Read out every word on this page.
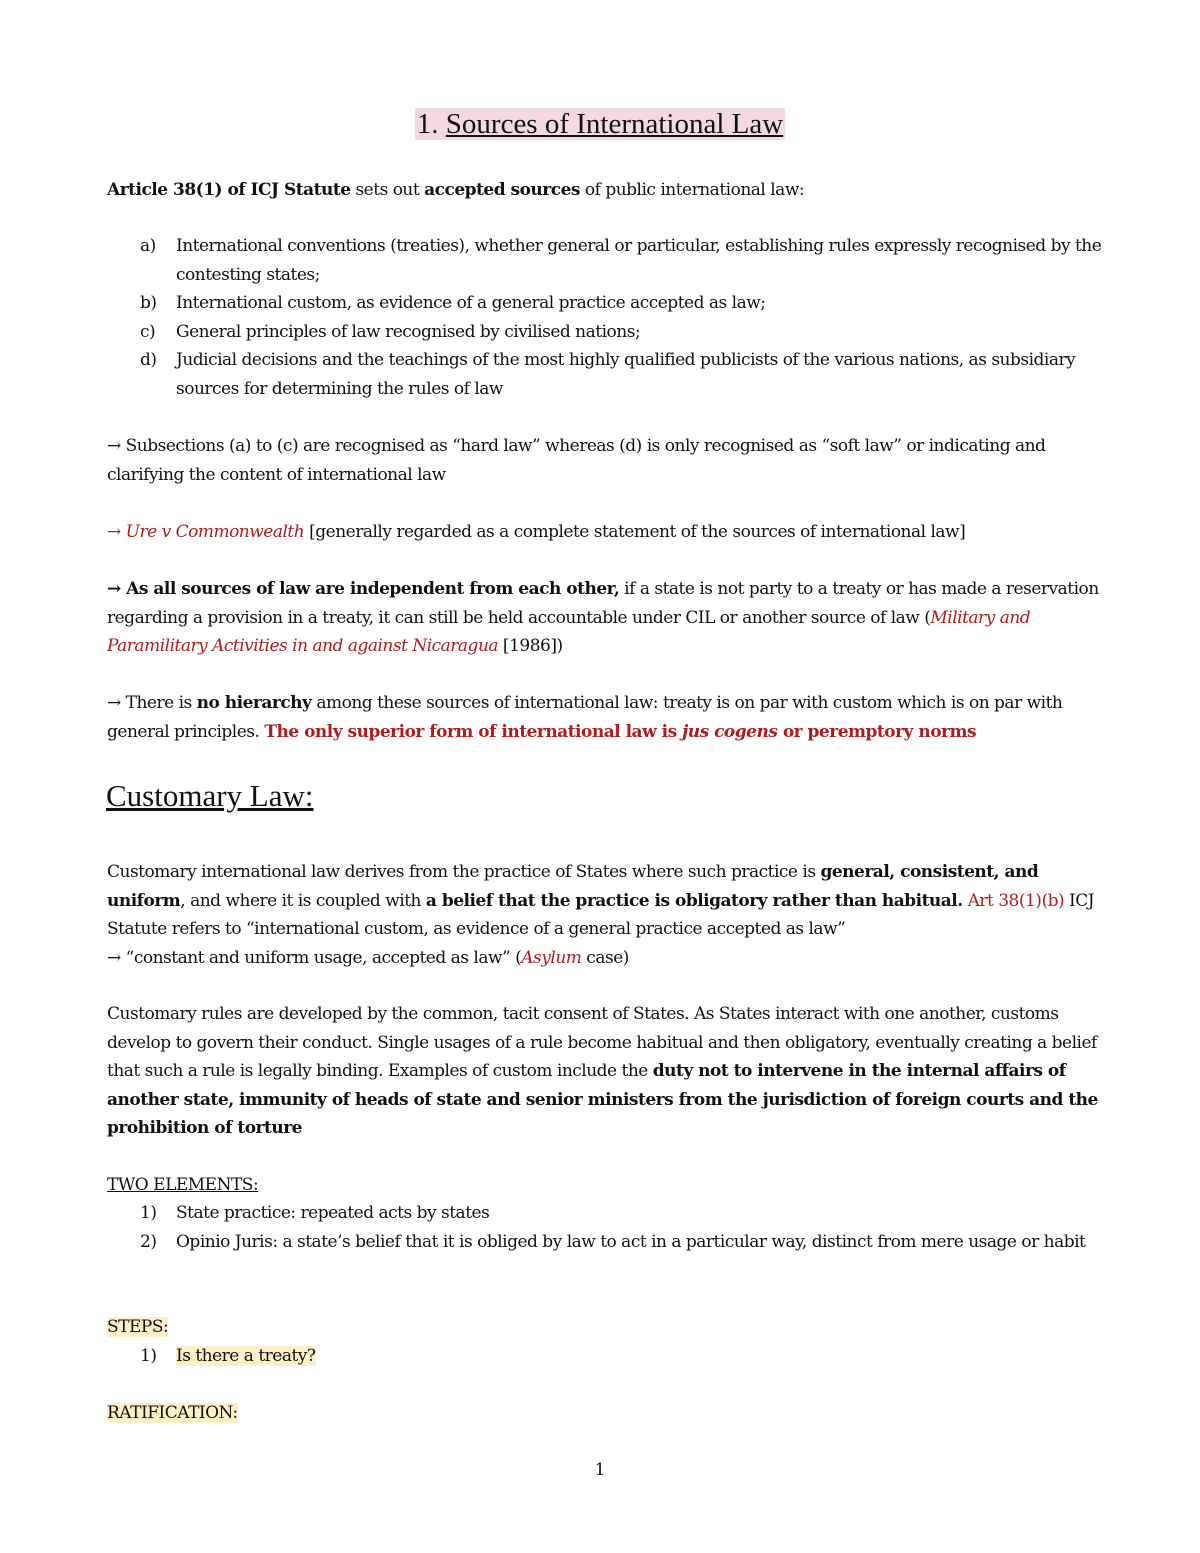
1. Sources of International Law
Article 38(1) of ICJ Statute sets out accepted sources of public international law:
a) International conventions (treaties), whether general or particular, establishing rules expressly recognised by the contesting states;
b) International custom, as evidence of a general practice accepted as law;
c) General principles of law recognised by civilised nations;
d) Judicial decisions and the teachings of the most highly qualified publicists of the various nations, as subsidiary sources for determining the rules of law
→ Subsections (a) to (c) are recognised as “hard law” whereas (d) is only recognised as “soft law” or indicating and clarifying the content of international law
→ Ure v Commonwealth [generally regarded as a complete statement of the sources of international law]
→ As all sources of law are independent from each other, if a state is not party to a treaty or has made a reservation regarding a provision in a treaty, it can still be held accountable under CIL or another source of law (Military and Paramilitary Activities in and against Nicaragua [1986])
→ There is no hierarchy among these sources of international law: treaty is on par with custom which is on par with general principles. The only superior form of international law is jus cogens or peremptory norms
Customary Law:
Customary international law derives from the practice of States where such practice is general, consistent, and uniform, and where it is coupled with a belief that the practice is obligatory rather than habitual. Art 38(1)(b) ICJ Statute refers to “international custom, as evidence of a general practice accepted as law”
→ “constant and uniform usage, accepted as law” (Asylum case)
Customary rules are developed by the common, tacit consent of States. As States interact with one another, customs develop to govern their conduct. Single usages of a rule become habitual and then obligatory, eventually creating a belief that such a rule is legally binding. Examples of custom include the duty not to intervene in the internal affairs of another state, immunity of heads of state and senior ministers from the jurisdiction of foreign courts and the prohibition of torture
TWO ELEMENTS:
1) State practice: repeated acts by states
2) Opinio Juris: a state’s belief that it is obliged by law to act in a particular way, distinct from mere usage or habit
STEPS:
1) Is there a treaty?
RATIFICATION:
1
